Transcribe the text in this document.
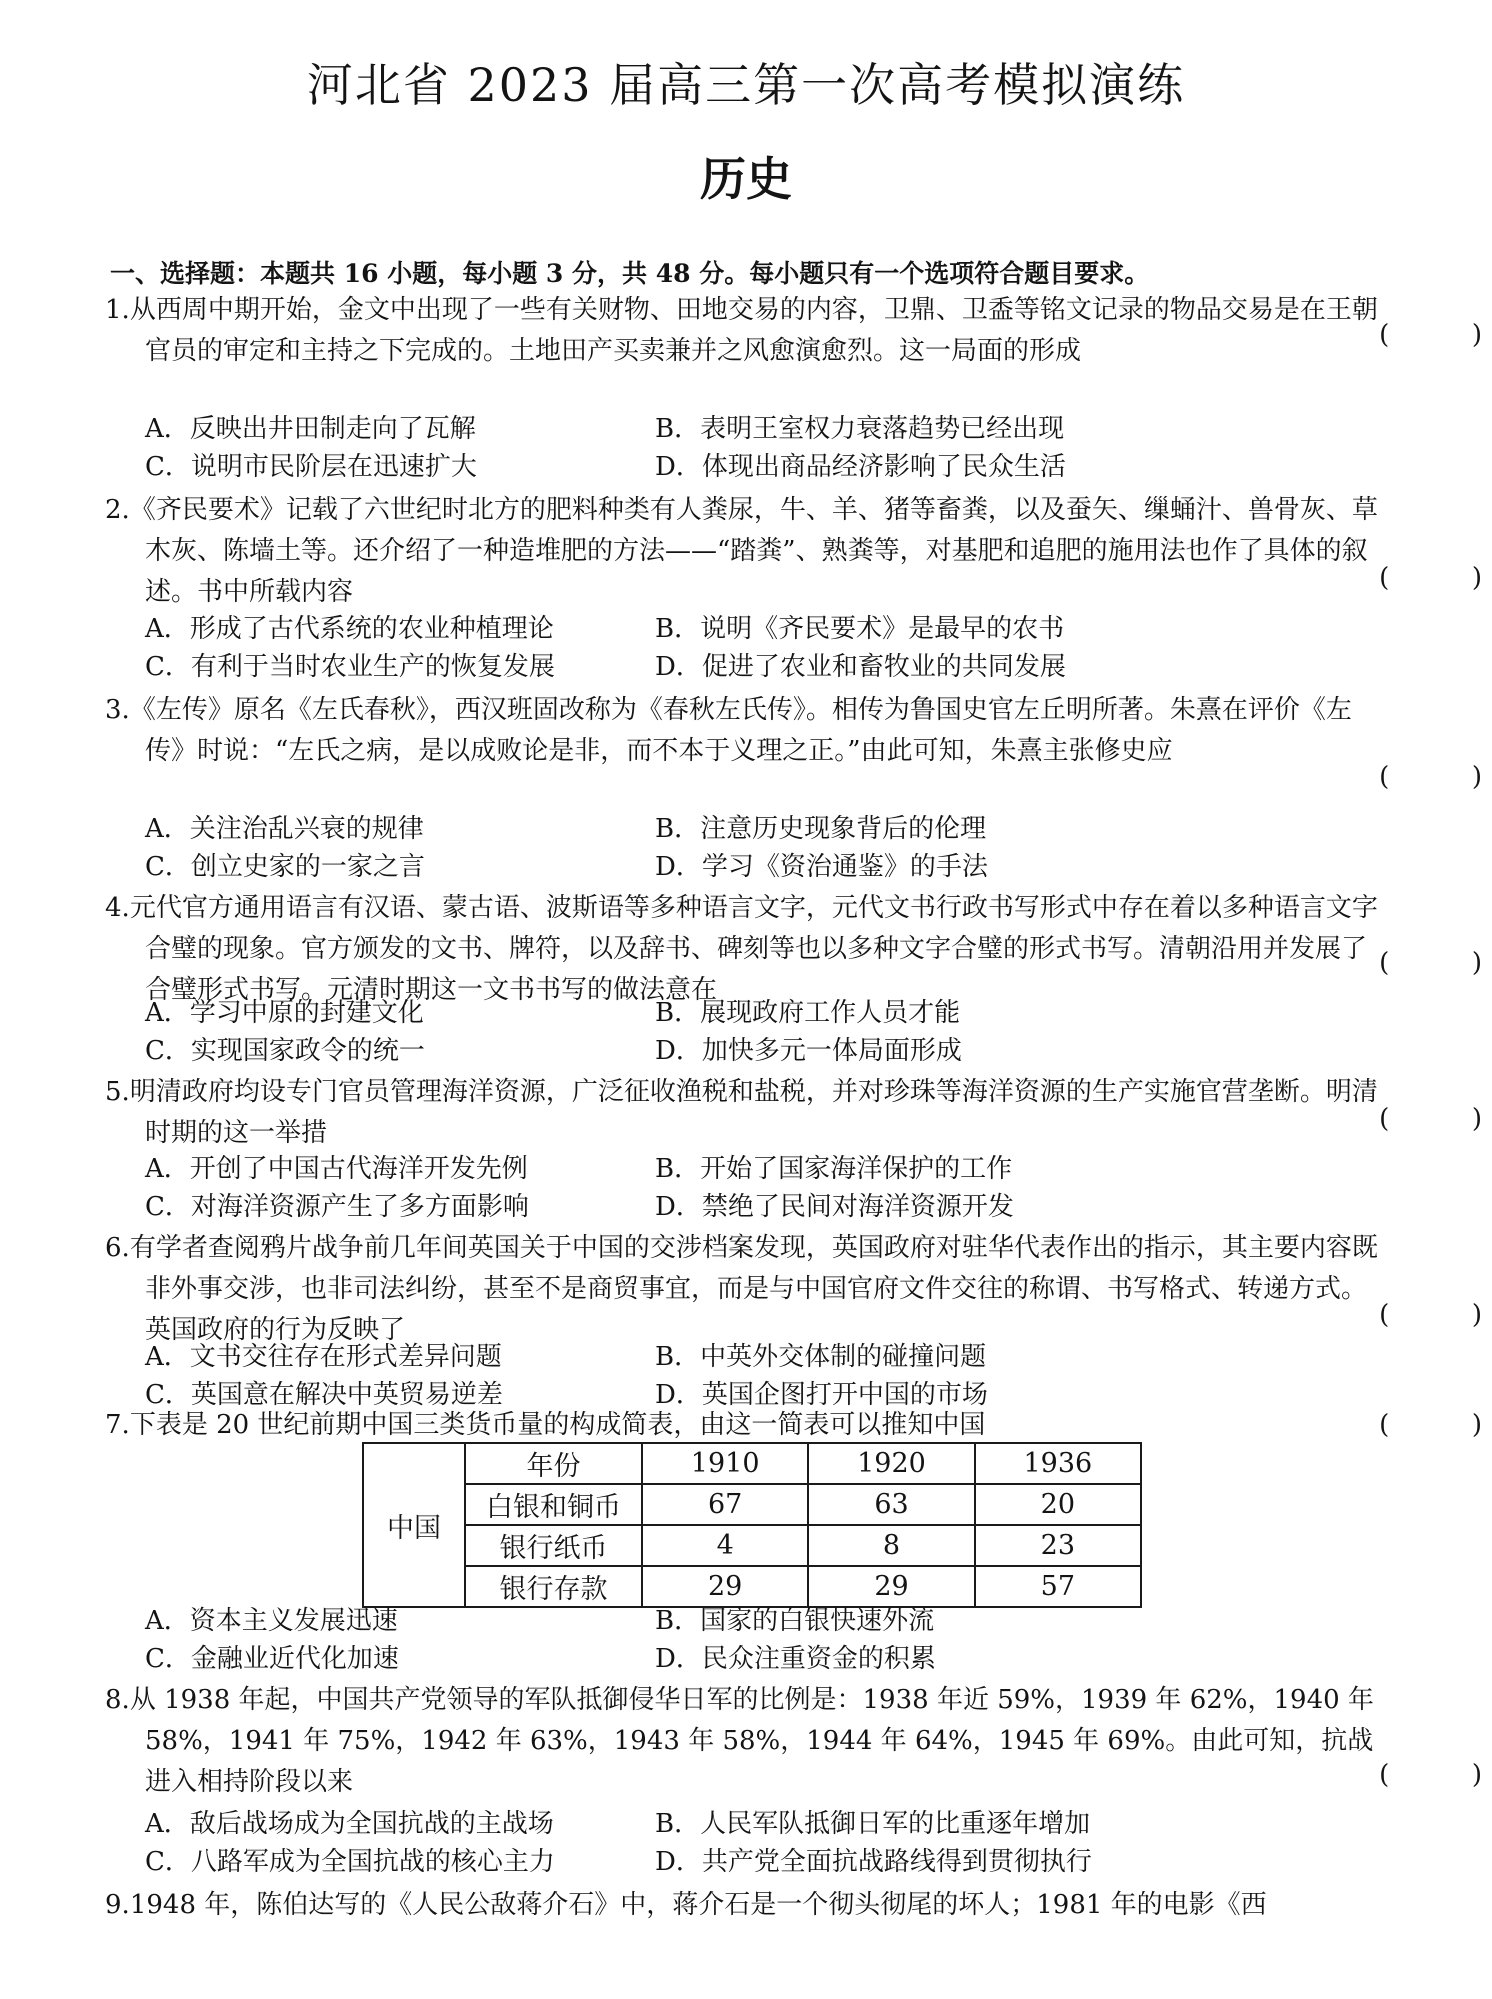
河北省 2023 届高三第一次高考模拟演练
历史
一、选择题：本题共 16 小题，每小题 3 分，共 48 分。每小题只有一个选项符合题目要求。
1.从西周中期开始，金文中出现了一些有关财物、田地交易的内容，卫鼎、卫盉等铭文记录的物品交易是在王朝官员的审定和主持之下完成的。土地田产买卖兼并之风愈演愈烈。这一局面的形成
(          )
A．反映出井田制走向了瓦解	B．表明王室权力衰落趋势已经出现
C．说明市民阶层在迅速扩大	D．体现出商品经济影响了民众生活
2.《齐民要术》记载了六世纪时北方的肥料种类有人粪尿，牛、羊、猪等畜粪，以及蚕矢、缫蛹汁、兽骨灰、草木灰、陈墙土等。还介绍了一种造堆肥的方法——“踏粪”、熟粪等，对基肥和追肥的施用法也作了具体的叙述。书中所载内容	(          )
A．形成了古代系统的农业种植理论	B．说明《齐民要术》是最早的农书
C．有利于当时农业生产的恢复发展	D．促进了农业和畜牧业的共同发展
3.《左传》原名《左氏春秋》，西汉班固改称为《春秋左氏传》。相传为鲁国史官左丘明所著。朱熹在评价《左传》时说：“左氏之病，是以成败论是非，而不本于义理之正。”由此可知，朱熹主张修史应
(          )
A．关注治乱兴衰的规律	B．注意历史现象背后的伦理
C．创立史家的一家之言	D．学习《资治通鉴》的手法
4.元代官方通用语言有汉语、蒙古语、波斯语等多种语言文字，元代文书行政书写形式中存在着以多种语言文字合璧的现象。官方颁发的文书、牌符，以及辞书、碑刻等也以多种文字合璧的形式书写。清朝沿用并发展了合璧形式书写。元清时期这一文书书写的做法意在
(          )
A．学习中原的封建文化	B．展现政府工作人员才能
C．实现国家政令的统一	D．加快多元一体局面形成
5.明清政府均设专门官员管理海洋资源，广泛征收渔税和盐税，并对珍珠等海洋资源的生产实施官营垄断。明清时期的这一举措	(          )
A．开创了中国古代海洋开发先例	B．开始了国家海洋保护的工作
C．对海洋资源产生了多方面影响	D．禁绝了民间对海洋资源开发
6.有学者查阅鸦片战争前几年间英国关于中国的交涉档案发现，英国政府对驻华代表作出的指示，其主要内容既非外事交涉，也非司法纠纷，甚至不是商贸事宜，而是与中国官府文件交往的称谓、书写格式、转递方式。英国政府的行为反映了	(          )
A．文书交往存在形式差异问题	B．中英外交体制的碰撞问题
C．英国意在解决中英贸易逆差	D．英国企图打开中国的市场
7.下表是 20 世纪前期中国三类货币量的构成简表，由这一简表可以推知中国	(          )
中国	年份	1910	1920	1936
	白银和铜币	67	63	20
	银行纸币	4	8	23
	银行存款	29	29	57
A．资本主义发展迅速	B．国家的白银快速外流
C．金融业近代化加速	D．民众注重资金的积累
8.从 1938 年起，中国共产党领导的军队抵御侵华日军的比例是：1938 年近 59%，1939 年 62%，1940 年 58%，1941 年 75%，1942 年 63%，1943 年 58%，1944 年 64%，1945 年 69%。由此可知，抗战进入相持阶段以来	(          )
A．敌后战场成为全国抗战的主战场	B．人民军队抵御日军的比重逐年增加
C．八路军成为全国抗战的核心主力	D．共产党全面抗战路线得到贯彻执行
9.1948 年，陈伯达写的《人民公敌蒋介石》中，蒋介石是一个彻头彻尾的坏人；1981 年的电影《西
